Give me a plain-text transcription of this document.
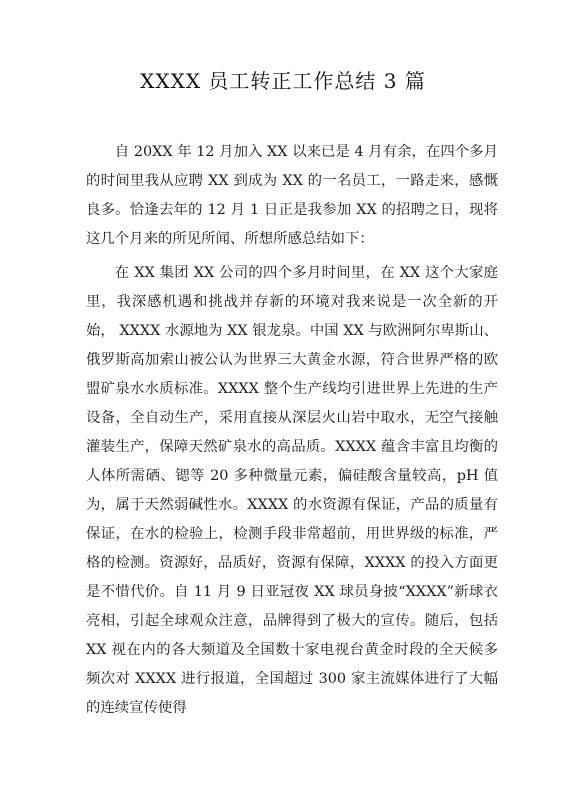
XXXX 员工转正工作总结 3 篇

自 20XX 年 12 月加入 XX 以来已是 4 月有余，在四个多月的时间里我从应聘 XX 到成为 XX 的一名员工，一路走来，感慨良多。恰逢去年的 12 月 1 日正是我参加 XX 的招聘之日，现将这几个月来的所见所闻、所想所感总结如下：

在 XX 集团 XX 公司的四个多月时间里，在 XX 这个大家庭里，我深感机遇和挑战并存新的环境对我来说是一次全新的开始， XXXX 水源地为 XX 银龙泉。中国 XX 与欧洲阿尔卑斯山、俄罗斯高加索山被公认为世界三大黄金水源，符合世界严格的欧盟矿泉水水质标准。XXXX 整个生产线均引进世界上先进的生产设备，全自动生产，采用直接从深层火山岩中取水，无空气接触灌装生产，保障天然矿泉水的高品质。XXXX 蕴含丰富且均衡的人体所需硒、锶等 20 多种微量元素，偏硅酸含量较高，pH 值为，属于天然弱碱性水。XXXX 的水资源有保证，产品的质量有保证，在水的检验上，检测手段非常超前，用世界级的标准，严格的检测。资源好，品质好，资源有保障，XXXX 的投入方面更是不惜代价。自 11 月 9 日亚冠夜 XX 球员身披“XXXX”新球衣亮相，引起全球观众注意，品牌得到了极大的宣传。随后，包括 XX 视在内的各大频道及全国数十家电视台黄金时段的全天候多频次对 XXXX 进行报道，全国超过 300 家主流媒体进行了大幅的连续宣传使得
